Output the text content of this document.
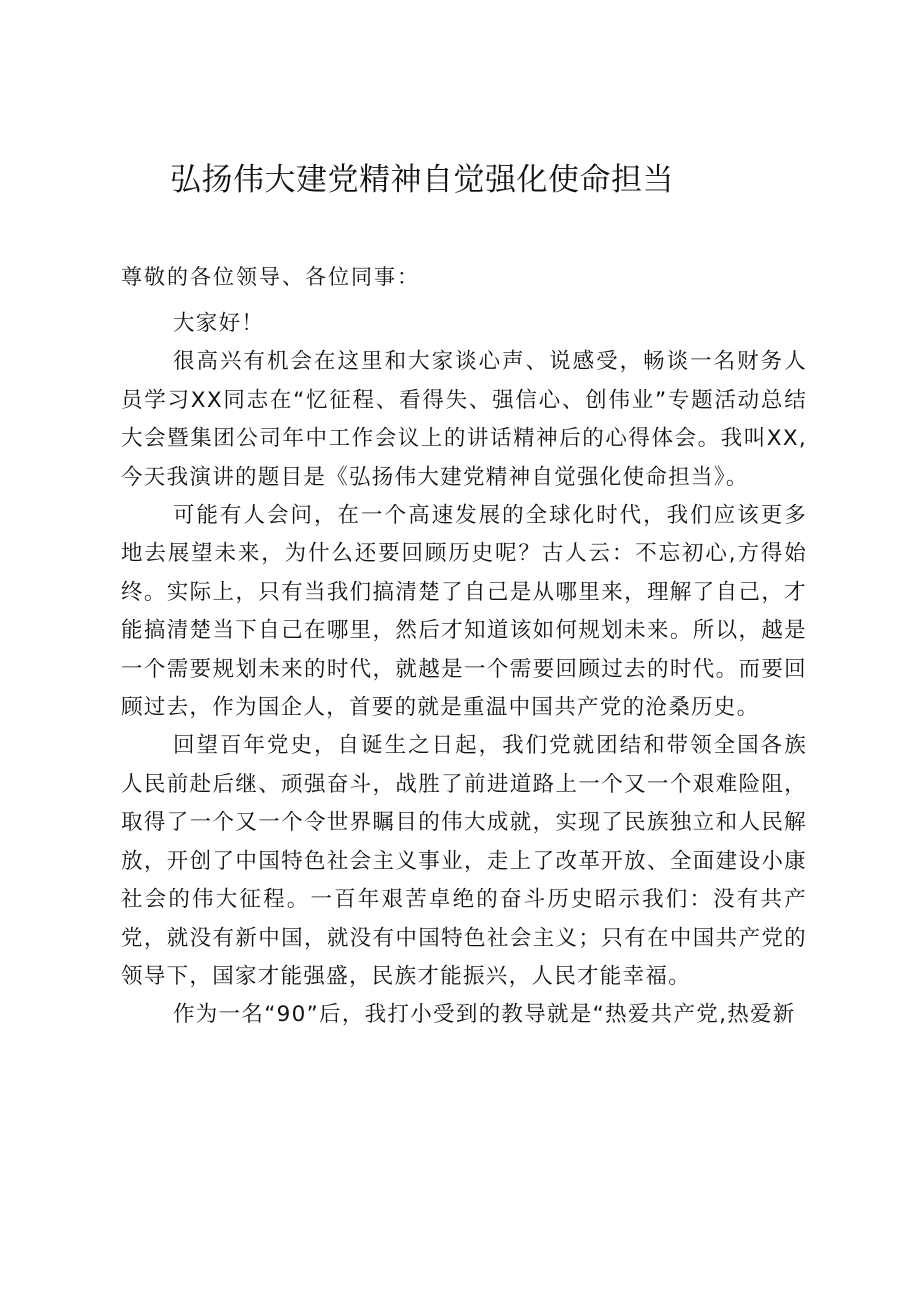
弘扬伟大建党精神自觉强化使命担当
尊敬的各位领导、各位同事：

大家好！

很高兴有机会在这里和大家谈心声、说感受，畅谈一名财务人员学习XX同志在“忆征程、看得失、强信心、创伟业”专题活动总结大会暨集团公司年中工作会议上的讲话精神后的心得体会。我叫XX,今天我演讲的题目是《弘扬伟大建党精神自觉强化使命担当》。

可能有人会问，在一个高速发展的全球化时代，我们应该更多地去展望未来，为什么还要回顾历史呢？古人云：不忘初心,方得始终。实际上，只有当我们搞清楚了自己是从哪里来，理解了自己，才能搞清楚当下自己在哪里，然后才知道该如何规划未来。所以，越是一个需要规划未来的时代，就越是一个需要回顾过去的时代。而要回顾过去，作为国企人，首要的就是重温中国共产党的沧桑历史。

回望百年党史，自诞生之日起，我们党就团结和带领全国各族人民前赴后继、顽强奋斗，战胜了前进道路上一个又一个艰难险阻，取得了一个又一个令世界瞩目的伟大成就，实现了民族独立和人民解放，开创了中国特色社会主义事业，走上了改革开放、全面建设小康社会的伟大征程。一百年艰苦卓绝的奋斗历史昭示我们：没有共产党，就没有新中国，就没有中国特色社会主义；只有在中国共产党的领导下，国家才能强盛，民族才能振兴，人民才能幸福。

作为一名“90”后，我打小受到的教导就是“热爱共产党,热爱新
